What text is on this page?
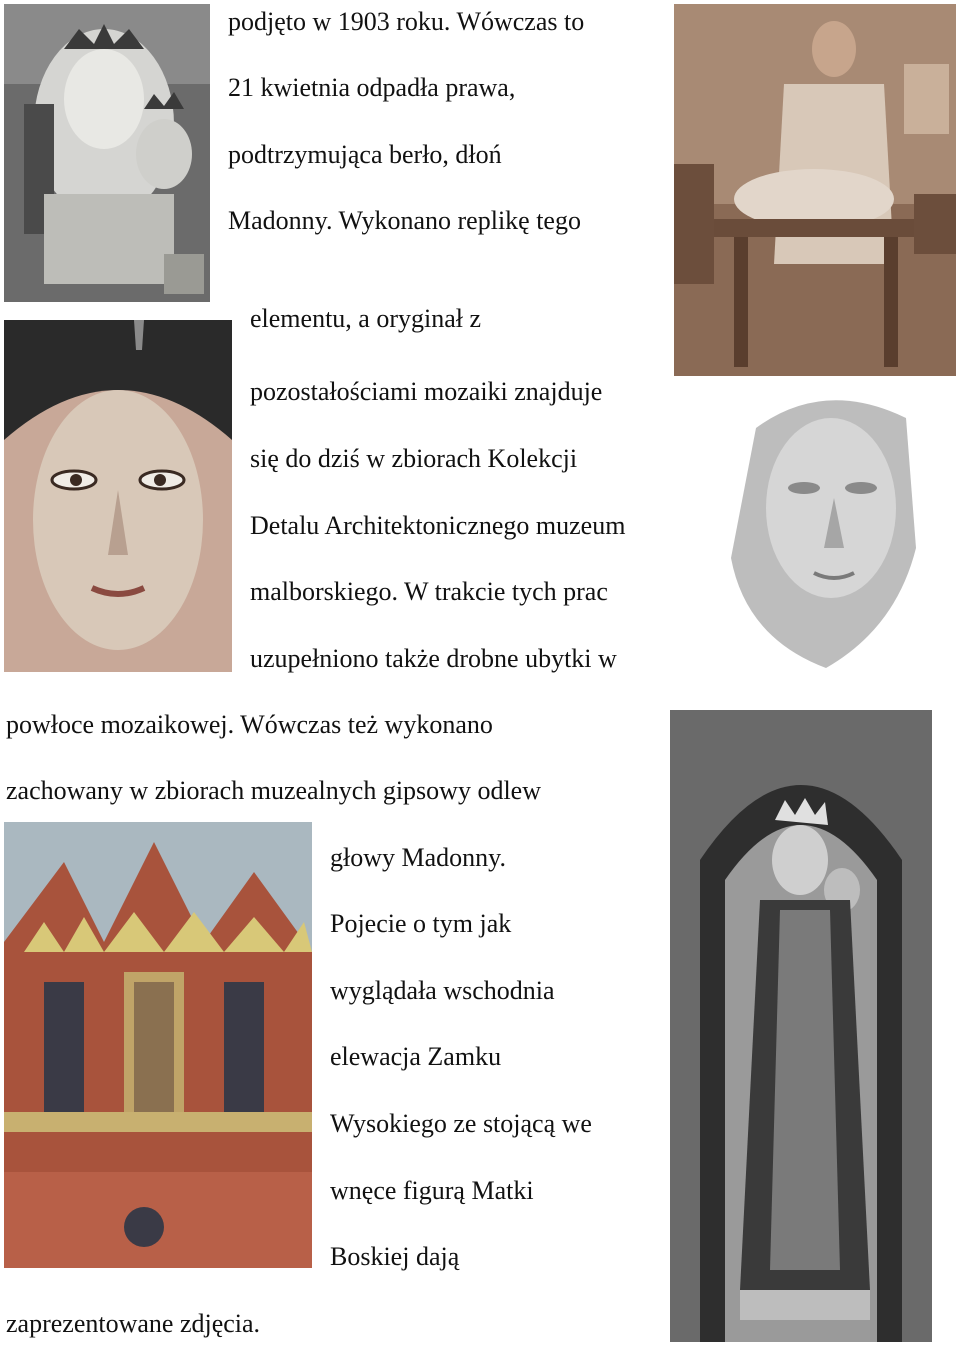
podjęto w 1903 roku. Wówczas to
21 kwietnia odpadła prawa,
podtrzymująca berło, dłoń
Madonny. Wykonano replikę tego
elementu, a oryginał z
pozostałościami mozaiki znajduje
się do dziś w zbiorach Kolekcji
Detalu Architektonicznego muzeum
malborskiego. W trakcie tych prac
uzupełniono także drobne ubytki w
powłoce mozaikowej. Wówczas też wykonano
zachowany w zbiorach muzealnych gipsowy odlew
głowy Madonny.
Pojecie o tym jak
wyglądała wschodnia
elewacja Zamku
Wysokiego ze stojącą we
wnęce figurą Matki
Boskiej dają
zaprezentowane zdjęcia.
